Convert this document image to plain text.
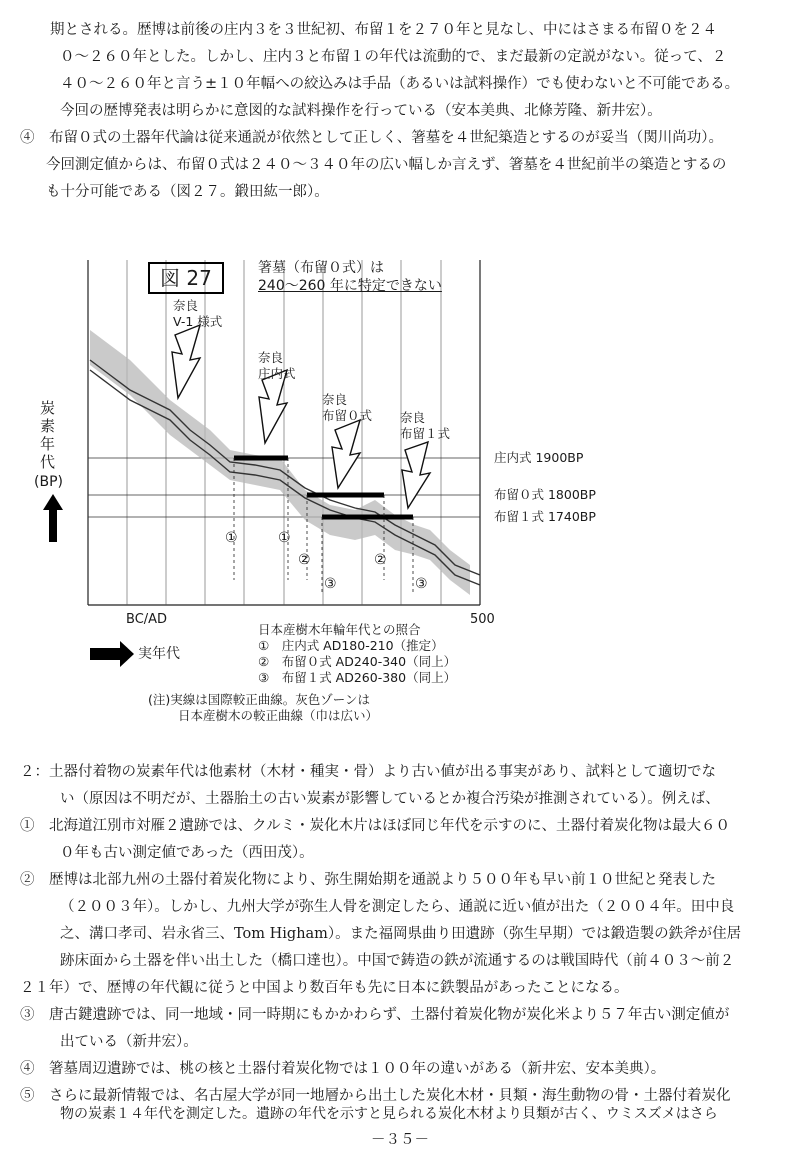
期とされる。歴博は前後の庄内３を３世紀初、布留１を２７０年と見なし、中にはさまる布留０を２４
０～２６０年とした。しかし、庄内３と布留１の年代は流動的で、まだ最新の定説がない。従って、２
４０～２６０年と言う±１０年幅への絞込みは手品（あるいは試料操作）でも使わないと不可能である。
今回の歴博発表は明らかに意図的な試料操作を行っている（安本美典、北條芳隆、新井宏）。
④　布留０式の土器年代論は従来通説が依然として正しく、箸墓を４世紀築造とするのが妥当（関川尚功）。
今回測定値からは、布留０式は２４０～３４０年の広い幅しか言えず、箸墓を４世紀前半の築造とするの
も十分可能である（図２７。鍛田紘一郎）。
図 27	箸墓（布留０式）は
240～260 年に特定できない
奈良
V-1 様式
奈良
庄内式
奈良
布留０式 奈良
布留１式
炭
素
年
代
(BP)
庄内式 1900BP
布留０式 1800BP
布留１式 1740BP
①	①
②	②
③	③
BC/AD	500
実年代
日本産樹木年輪年代との照合
①　庄内式 AD180-210（推定）
②　布留０式 AD240-340（同上）
③　布留１式 AD260-380（同上）
(注)実線は国際較正曲線。灰色ゾーンは
日本産樹木の較正曲線（巾は広い）
２：土器付着物の炭素年代は他素材（木材・種実・骨）より古い値が出る事実があり、試料として適切でな
い（原因は不明だが、土器胎土の古い炭素が影響しているとか複合汚染が推測されている）。例えば、
①　北海道江別市対雁２遺跡では、クルミ・炭化木片はほぼ同じ年代を示すのに、土器付着炭化物は最大６０
０年も古い測定値であった（西田茂）。
②　歴博は北部九州の土器付着炭化物により、弥生開始期を通説より５００年も早い前１０世紀と発表した
（２００３年）。しかし、九州大学が弥生人骨を測定したら、通説に近い値が出た（２００４年。田中良
之、溝口孝司、岩永省三、Tom Higham）。また福岡県曲り田遺跡（弥生早期）では鍛造製の鉄斧が住居
跡床面から土器を伴い出土した（橋口達也）。中国で鋳造の鉄が流通するのは戦国時代（前４０３～前２
２１年）で、歴博の年代観に従うと中国より数百年も先に日本に鉄製品があったことになる。
③　唐古鍵遺跡では、同一地域・同一時期にもかかわらず、土器付着炭化物が炭化米より５７年古い測定値が
出ている（新井宏）。
④　箸墓周辺遺跡では、桃の核と土器付着炭化物では１００年の違いがある（新井宏、安本美典）。
⑤　さらに最新情報では、名古屋大学が同一地層から出土した炭化木材・貝類・海生動物の骨・土器付着炭化
物の炭素１４年代を測定した。遺跡の年代を示すと見られる炭化木材より貝類が古く、ウミスズメはさら
－３５－
